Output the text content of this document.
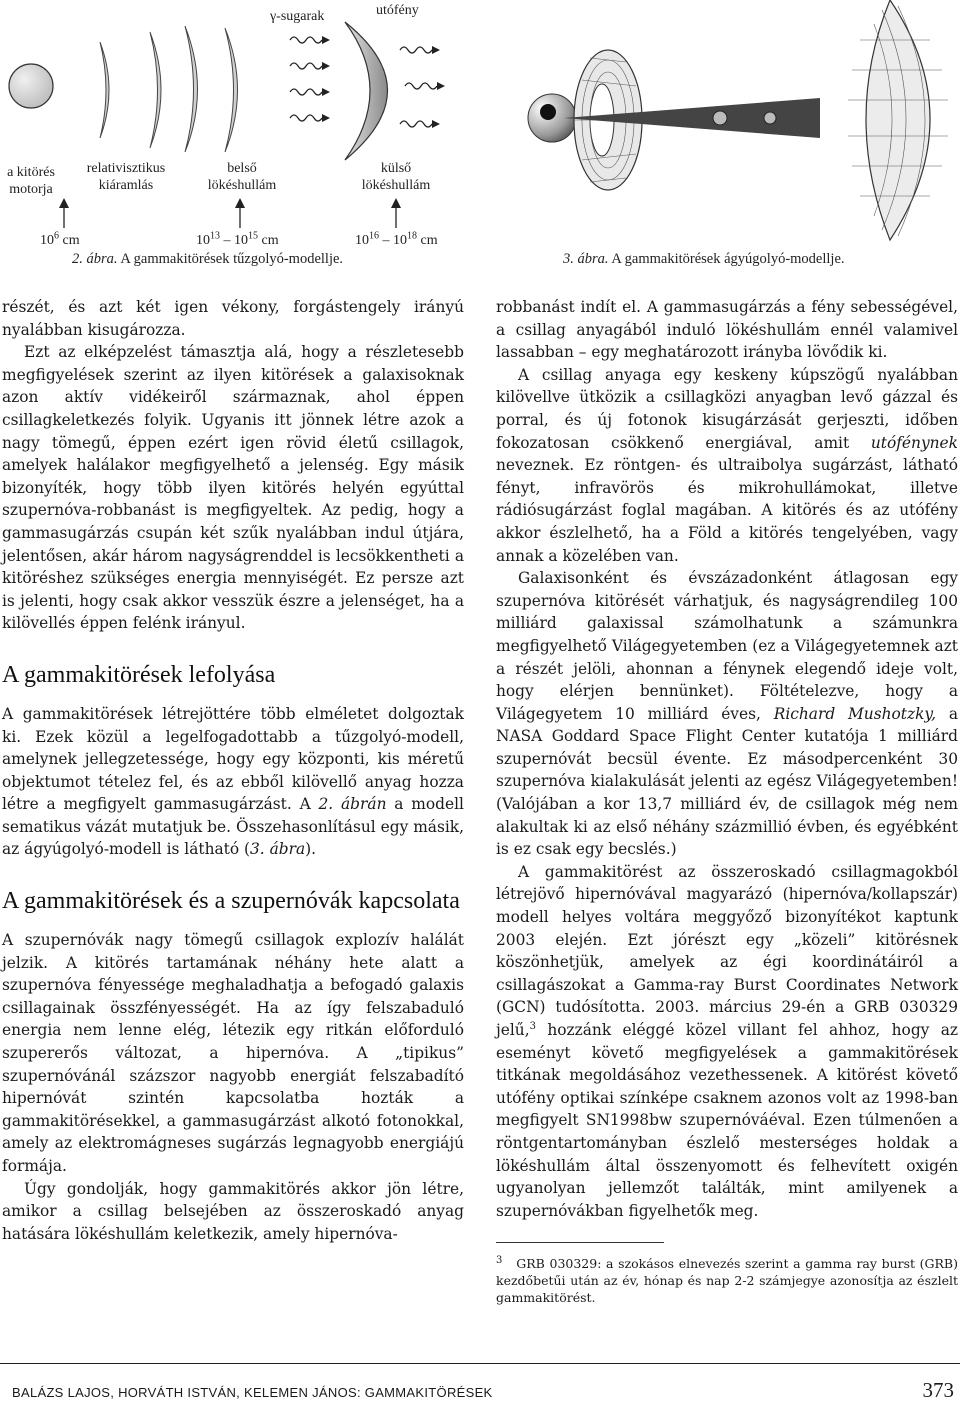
γ-sugarak	utófény
a kitörés
motorja
relativisztikus
kiáramlás
belső
lökéshullám
külső
lökéshullám
$10^6$ cm	$10^{13} - 10^{15}$ cm	$10^{16} - 10^{18}$ cm
2. ábra. A gammakitörések tűzgolyó-modellje.	3. ábra. A gammakitörések ágyúgolyó-modellje.

részét, és azt két igen vékony, forgástengely irányú nyalábban kisugározza.

Ezt az elképzelést támasztja alá, hogy a részletesebb megfigyelések szerint az ilyen kitörések a galaxisoknak azon aktív vidékeiről származnak, ahol éppen csillagkeletkezés folyik. Ugyanis itt jönnek létre azok a nagy tömegű, éppen ezért igen rövid életű csillagok, amelyek halálakor megfigyelhető a jelenség. Egy másik bizonyíték, hogy több ilyen kitörés helyén egyúttal szupernóva-robbanást is megfigyeltek. Az pedig, hogy a gammasugárzás csupán két szűk nyalábban indul útjára, jelentősen, akár három nagyságrenddel is lecsökkentheti a kitöréshez szükséges energia mennyiségét. Ez persze azt is jelenti, hogy csak akkor vesszük észre a jelenséget, ha a kilövellés éppen felénk irányul.

A gammakitörések lefolyása

A gammakitörések létrejöttére több elméletet dolgoztak ki. Ezek közül a legelfogadottabb a tűzgolyó-modell, amelynek jellegzetessége, hogy egy központi, kis méretű objektumot tételez fel, és az ebből kilövellő anyag hozza létre a megfigyelt gammasugárzást. A 2. ábrán a modell sematikus vázát mutatjuk be. Összehasonlításul egy másik, az ágyúgolyó-modell is látható (3. ábra).

A gammakitörések és a szupernóvák kapcsolata

A szupernóvák nagy tömegű csillagok explozív halálát jelzik. A kitörés tartamának néhány hete alatt a szupernóva fényessége meghaladhatja a befogadó galaxis csillagainak összfényességét. Ha az így felszabaduló energia nem lenne elég, létezik egy ritkán előforduló szupererős változat, a hipernóva. A „tipikus” szupernóvánál százszor nagyobb energiát felszabadító hipernóvát szintén kapcsolatba hozták a gammakitörésekkel, a gammasugárzást alkotó fotonokkal, amely az elektromágneses sugárzás legnagyobb energiájú formája.

Úgy gondolják, hogy gammakitörés akkor jön létre, amikor a csillag belsejében az összeroskadó anyag hatására lökéshullám keletkezik, amely hipernóva-

robbanást indít el. A gammasugárzás a fény sebességével, a csillag anyagából induló lökéshullám ennél valamivel lassabban – egy meghatározott irányba lövődik ki.

A csillag anyaga egy keskeny kúpszögű nyalábban kilövellve ütközik a csillagközi anyagban levő gázzal és porral, és új fotonok kisugárzását gerjeszti, időben fokozatosan csökkenő energiával, amit utófénynek neveznek. Ez röntgen- és ultraibolya sugárzást, látható fényt, infravörös és mikrohullámokat, illetve rádiósugárzást foglal magában. A kitörés és az utófény akkor észlelhető, ha a Föld a kitörés tengelyében, vagy annak a közelében van.

Galaxisonként és évszázadonként átlagosan egy szupernóva kitörését várhatjuk, és nagyságrendileg 100 milliárd galaxissal számolhatunk a számunkra megfigyelhető Világegyetemben (ez a Világegyetemnek azt a részét jelöli, ahonnan a fénynek elegendő ideje volt, hogy elérjen bennünket). Föltételezve, hogy a Világegyetem 10 milliárd éves, Richard Mushotzky, a NASA Goddard Space Flight Center kutatója 1 milliárd szupernóvát becsül évente. Ez másodpercenként 30 szupernóva kialakulását jelenti az egész Világegyetemben! (Valójában a kor 13,7 milliárd év, de csillagok még nem alakultak ki az első néhány százmillió évben, és egyébként is ez csak egy becslés.)

A gammakitörést az összeroskadó csillagmagokból létrejövő hipernóvával magyarázó (hipernóva/kollapszár) modell helyes voltára meggyőző bizonyítékot kaptunk 2003 elején. Ezt jórészt egy „közeli” kitörésnek köszönhetjük, amelyek az égi koordinátáiról a csillagászokat a Gamma-ray Burst Coordinates Network (GCN) tudósította. 2003. március 29-én a GRB 030329 jelű,$^3$ hozzánk eléggé közel villant fel ahhoz, hogy az eseményt követő megfigyelések a gammakitörések titkának megoldásához vezethessenek. A kitörést követő utófény optikai színképe csaknem azonos volt az 1998-ban megfigyelt SN1998bw szupernóváéval. Ezen túlmenően a röntgentartományban észlelő mesterséges holdak a lökéshullám által összenyomott és felhevített oxigén ugyanolyan jellemzőt találták, mint amilyenek a szupernóvákban figyelhetők meg.

$^3$ GRB 030329: a szokásos elnevezés szerint a gamma ray burst (GRB) kezdőbetűi után az év, hónap és nap 2-2 számjegye azonosítja az észlelt gammakitörést.

BALÁZS LAJOS, HORVÁTH ISTVÁN, KELEMEN JÁNOS: GAMMAKITÖRÉSEK	373
